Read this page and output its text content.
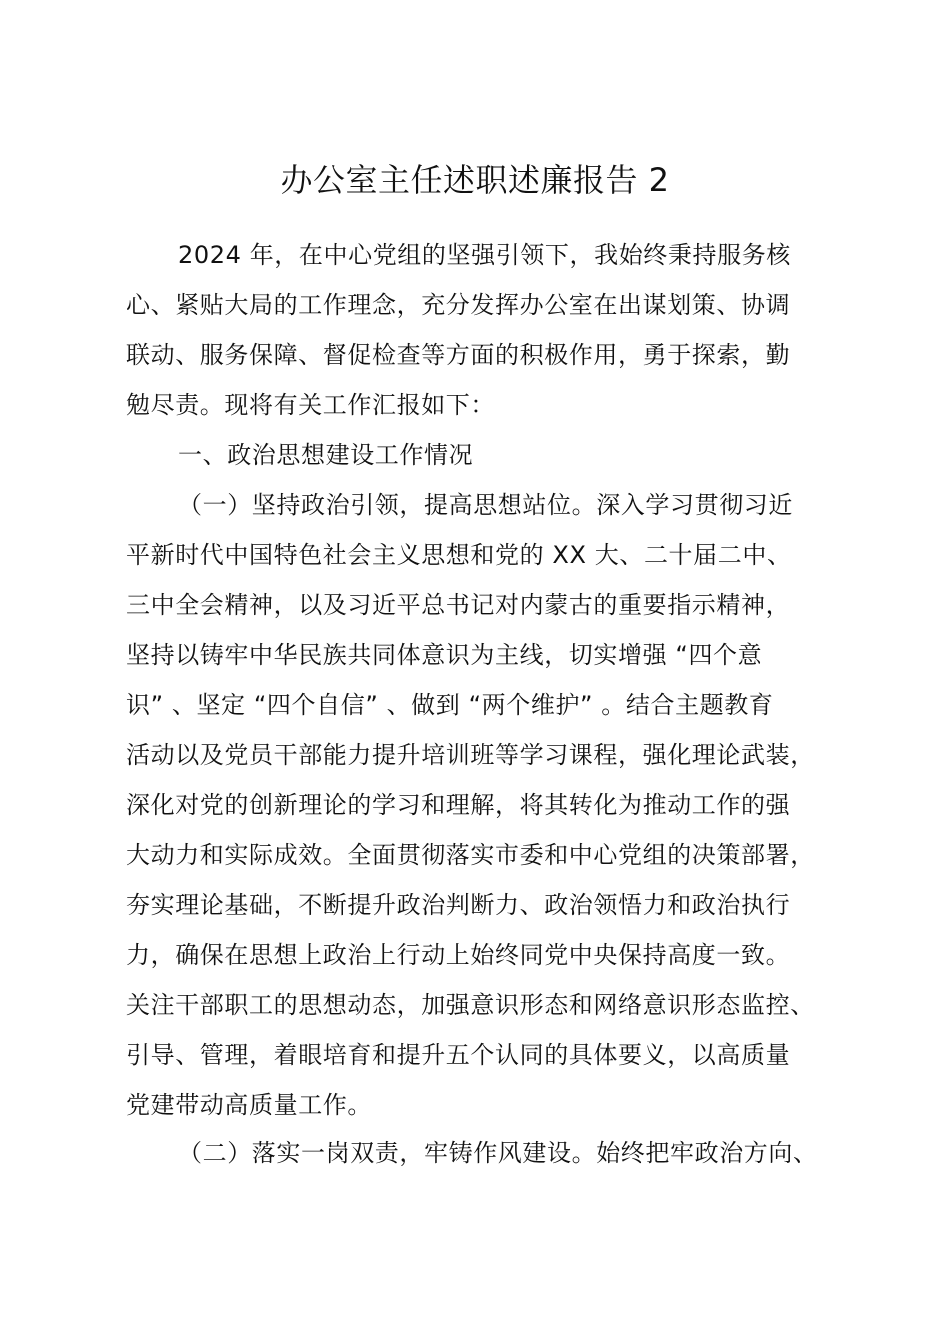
办公室主任述职述廉报告 2
2024 年，在中心党组的坚强引领下，我始终秉持服务核
心、紧贴大局的工作理念，充分发挥办公室在出谋划策、协调
联动、服务保障、督促检查等方面的积极作用，勇于探索，勤
勉尽责。现将有关工作汇报如下：
一、政治思想建设工作情况
（一）坚持政治引领，提高思想站位。深入学习贯彻习近
平新时代中国特色社会主义思想和党的 XX 大、二十届二中、
三中全会精神，以及习近平总书记对内蒙古的重要指示精神，
坚持以铸牢中华民族共同体意识为主线，切实增强 “四个意
识” 、坚定 “四个自信” 、做到 “两个维护” 。结合主题教育
活动以及党员干部能力提升培训班等学习课程，强化理论武装，
深化对党的创新理论的学习和理解，将其转化为推动工作的强
大动力和实际成效。全面贯彻落实市委和中心党组的决策部署，
夯实理论基础，不断提升政治判断力、政治领悟力和政治执行
力，确保在思想上政治上行动上始终同党中央保持高度一致。
关注干部职工的思想动态，加强意识形态和网络意识形态监控、
引导、管理，着眼培育和提升五个认同的具体要义，以高质量
党建带动高质量工作。
（二）落实一岗双责，牢铸作风建设。始终把牢政治方向、
